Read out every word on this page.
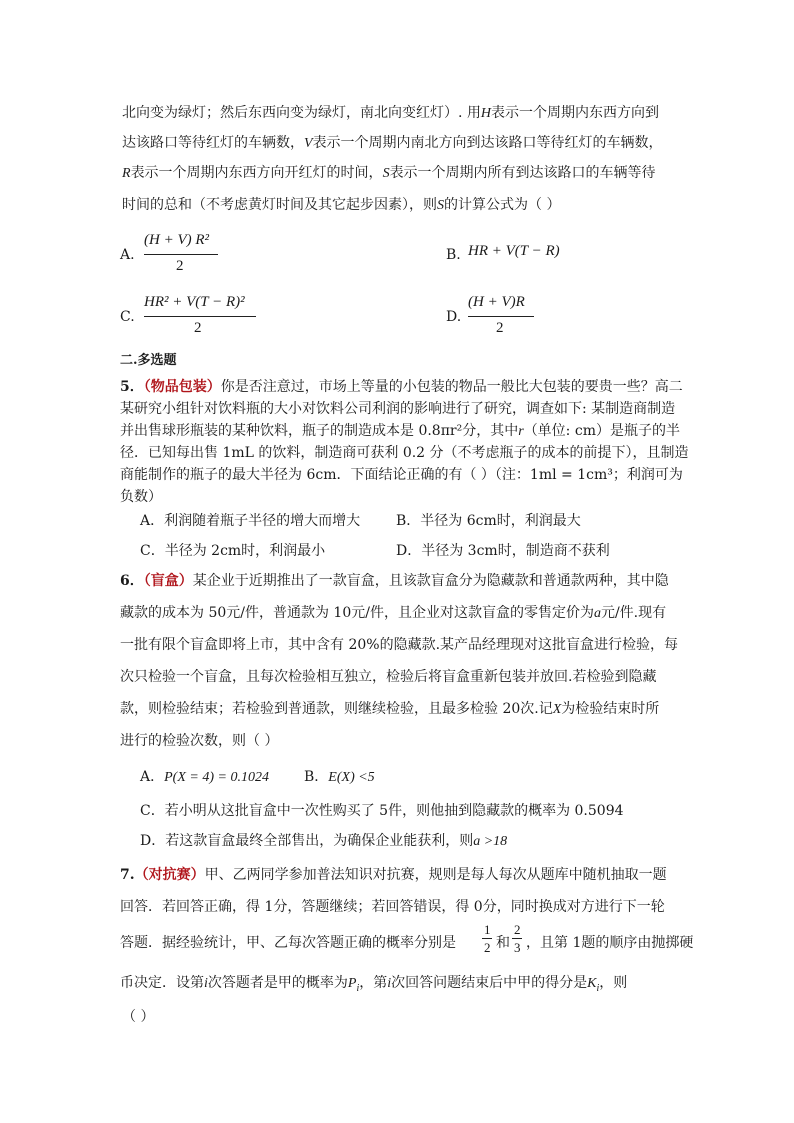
北向变为绿灯；然后东西向变为绿灯，南北向变红灯）. 用H表示一个周期内东西方向到
达该路口等待红灯的车辆数，V表示一个周期内南北方向到达该路口等待红灯的车辆数，
R表示一个周期内东西方向开红灯的时间，S表示一个周期内所有到达该路口的车辆等待
时间的总和（不考虑黄灯时间及其它起步因素），则S的计算公式为（ ）
A.
(H + V) R²
2
B. HR + V(T − R)
C.
HR² + V(T − R)²
2
D.
(H + V)R
2
二.多选题
5．（物品包装）你是否注意过，市场上等量的小包装的物品一般比大包装的要贵一些？高二
某研究小组针对饮料瓶的大小对饮料公司利润的影响进行了研究，调查如下: 某制造商制造
并出售球形瓶装的某种饮料，瓶子的制造成本是 0.8πr²分，其中r（单位: cm）是瓶子的半
径．已知每出售 1mL 的饮料，制造商可获利 0.2 分（不考虑瓶子的成本的前提下），且制造
商能制作的瓶子的最大半径为 6cm．下面结论正确的有（ ）（注：1ml = 1cm³；利润可为
负数）
A．利润随着瓶子半径的增大而增大	B．半径为 6cm时，利润最大
C．半径为 2cm时，利润最小	D．半径为 3cm时，制造商不获利
6．（盲盒）某企业于近期推出了一款盲盒，且该款盲盒分为隐藏款和普通款两种，其中隐
藏款的成本为 50元/件，普通款为 10元/件，且企业对这款盲盒的零售定价为a元/件.现有
一批有限个盲盒即将上市，其中含有 20%的隐藏款.某产品经理现对这批盲盒进行检验，每
次只检验一个盲盒，且每次检验相互独立，检验后将盲盒重新包装并放回.若检验到隐藏
款，则检验结束；若检验到普通款，则继续检验，且最多检验 20次.记X为检验结束时所
进行的检验次数，则（ ）
A．P(X = 4) = 0.1024	B．E(X) <5
C．若小明从这批盲盒中一次性购买了 5件，则他抽到隐藏款的概率为 0.5094
D．若这款盲盒最终全部售出，为确保企业能获利，则a >18
7.（对抗赛）甲、乙两同学参加普法知识对抗赛，规则是每人每次从题库中随机抽取一题
回答．若回答正确，得 1分，答题继续；若回答错误，得 0分，同时换成对方进行下一轮
答题．据经验统计，甲、乙每次答题正确的概率分别是
1
2 和
2
3 ，且第 1题的顺序由抛掷硬
币决定．设第i次答题者是甲的概率为$P_i$，第i次回答问题结束后中甲的得分是$K_i$，则
（ ）
